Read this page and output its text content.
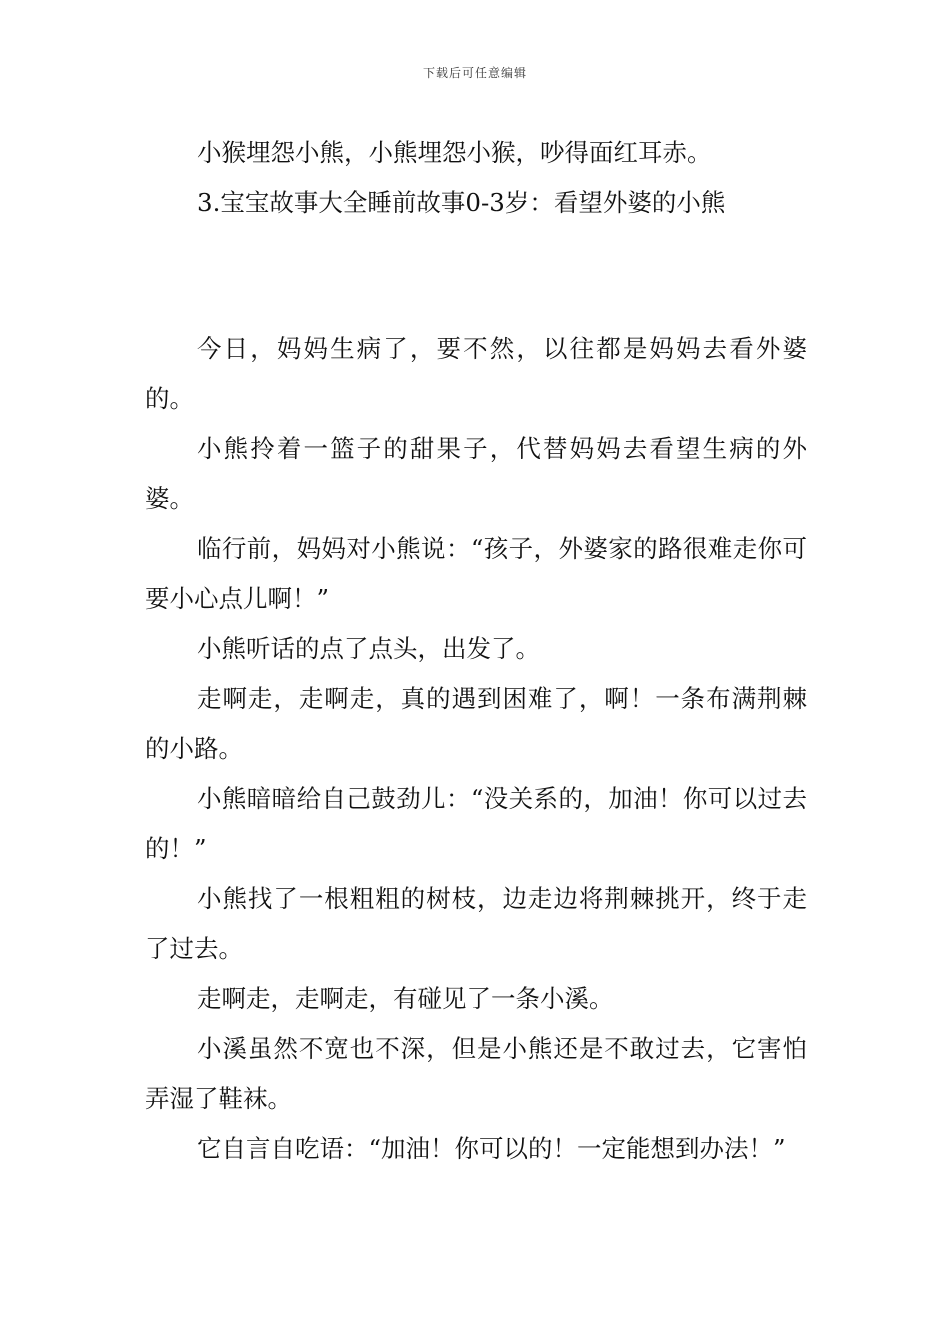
下载后可任意编辑

小猴埋怨小熊，小熊埋怨小猴，吵得面红耳赤。

3.宝宝故事大全睡前故事0-3岁：看望外婆的小熊

今日，妈妈生病了，要不然，以往都是妈妈去看外婆的。

小熊拎着一篮子的甜果子，代替妈妈去看望生病的外婆。

临行前，妈妈对小熊说：“孩子，外婆家的路很难走你可要小心点儿啊！”

小熊听话的点了点头，出发了。

走啊走，走啊走，真的遇到困难了，啊！一条布满荆棘的小路。

小熊暗暗给自己鼓劲儿：“没关系的，加油！你可以过去的！”

小熊找了一根粗粗的树枝，边走边将荆棘挑开，终于走了过去。

走啊走，走啊走，有碰见了一条小溪。

小溪虽然不宽也不深，但是小熊还是不敢过去，它害怕弄湿了鞋袜。

它自言自吃语：“加油！你可以的！一定能想到办法！”
